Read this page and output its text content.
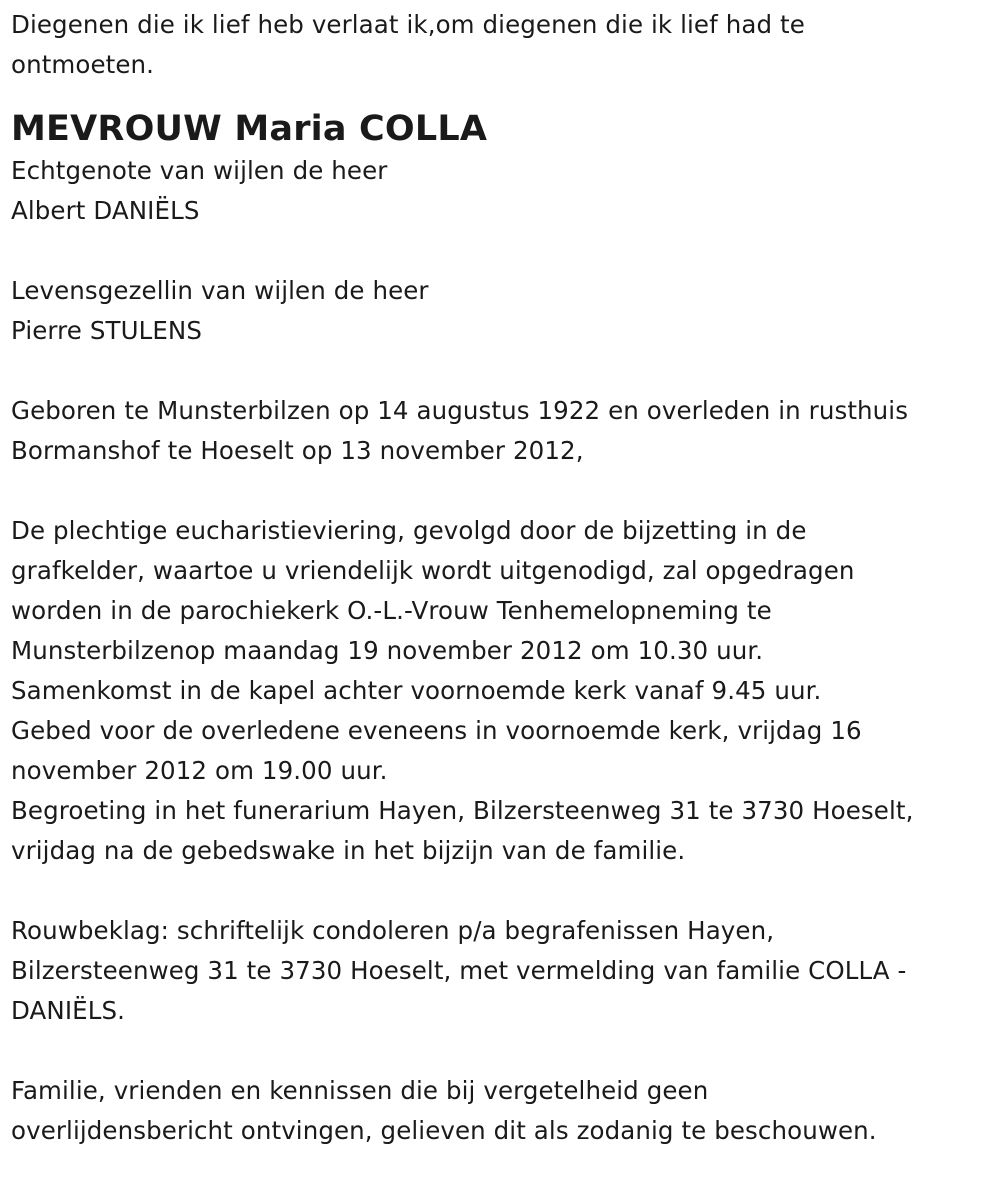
Diegenen die ik lief heb verlaat ik,om diegenen die ik lief had te

ontmoeten.

MEVROUW Maria COLLA

Echtgenote van wijlen de heer

Albert DANIËLS

Levensgezellin van wijlen de heer

Pierre STULENS

Geboren te Munsterbilzen op 14 augustus 1922 en overleden in rusthuis

Bormanshof te Hoeselt op 13 november 2012,

De plechtige eucharistieviering, gevolgd door de bijzetting in de

grafkelder, waartoe u vriendelijk wordt uitgenodigd, zal opgedragen

worden in de parochiekerk O.-L.-Vrouw Tenhemelopneming te

Munsterbilzenop maandag 19 november 2012 om 10.30 uur.

Samenkomst in de kapel achter voornoemde kerk vanaf 9.45 uur.

Gebed voor de overledene eveneens in voornoemde kerk, vrijdag 16

november 2012 om 19.00 uur.

Begroeting in het funerarium Hayen, Bilzersteenweg 31 te 3730 Hoeselt,

vrijdag na de gebedswake in het bijzijn van de familie.

Rouwbeklag: schriftelijk condoleren p/a begrafenissen Hayen,

Bilzersteenweg 31 te 3730 Hoeselt, met vermelding van familie COLLA -

DANIËLS.

Familie, vrienden en kennissen die bij vergetelheid geen

overlijdensbericht ontvingen, gelieven dit als zodanig te beschouwen.
